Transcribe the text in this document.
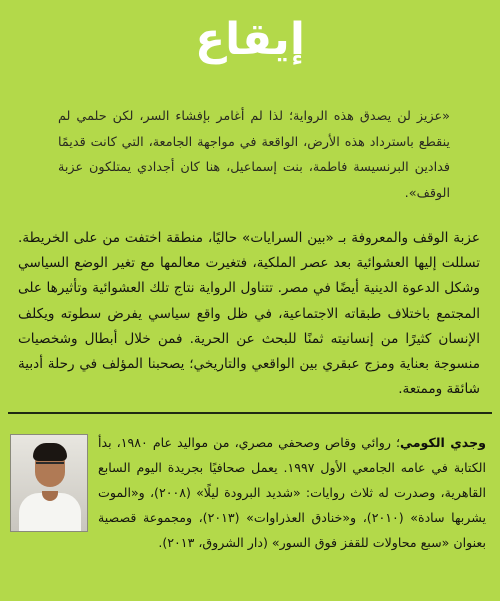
إيقاع
«عزيز لن يصدق هذه الرواية؛ لذا لم أغامر بإفشاء السر، لكن حلمي لم ينقطع باسترداد هذه الأرض، الواقعة في مواجهة الجامعة، التي كانت قديمًا فدادين البرنسيسة فاطمة، بنت إسماعيل، هنا كان أجدادي يمتلكون عزبة الوقف».
عزبة الوقف والمعروفة بـ «بين السرايات» حاليًا، منطقة اختفت من على الخريطة. تسللت إليها العشوائية بعد عصر الملكية، فتغيرت معالمها مع تغير الوضع السياسي وشكل الدعوة الدينية أيضًا في مصر. تتناول الرواية نتاج تلك العشوائية وتأثيرها على المجتمع باختلاف طبقاته الاجتماعية، في ظل واقع سياسي يفرض سطوته ويكلف الإنسان كثيرًا من إنسانيته ثمنًا للبحث عن الحرية. فمن خلال أبطال وشخصيات منسوجة بعناية ومزج عبقري بين الواقعي والتاريخي؛ يصحبنا المؤلف في رحلة أدبية شائقة وممتعة.
وجدي الكومي؛ روائي وقاص وصحفي مصري، من مواليد عام ١٩٨٠، بدأ الكتابة في عامه الجامعي الأول ١٩٩٧. يعمل صحافيًا بجريدة اليوم السابع القاهرية، وصدرت له ثلاث روايات: «شديد البرودة ليلًا» (٢٠٠٨)، و«الموت يشربها سادة» (٢٠١٠)، و«خنادق العذراوات» (٢٠١٣)، ومجموعة قصصية بعنوان «سبع محاولات للقفز فوق السور» (دار الشروق، ٢٠١٣).
